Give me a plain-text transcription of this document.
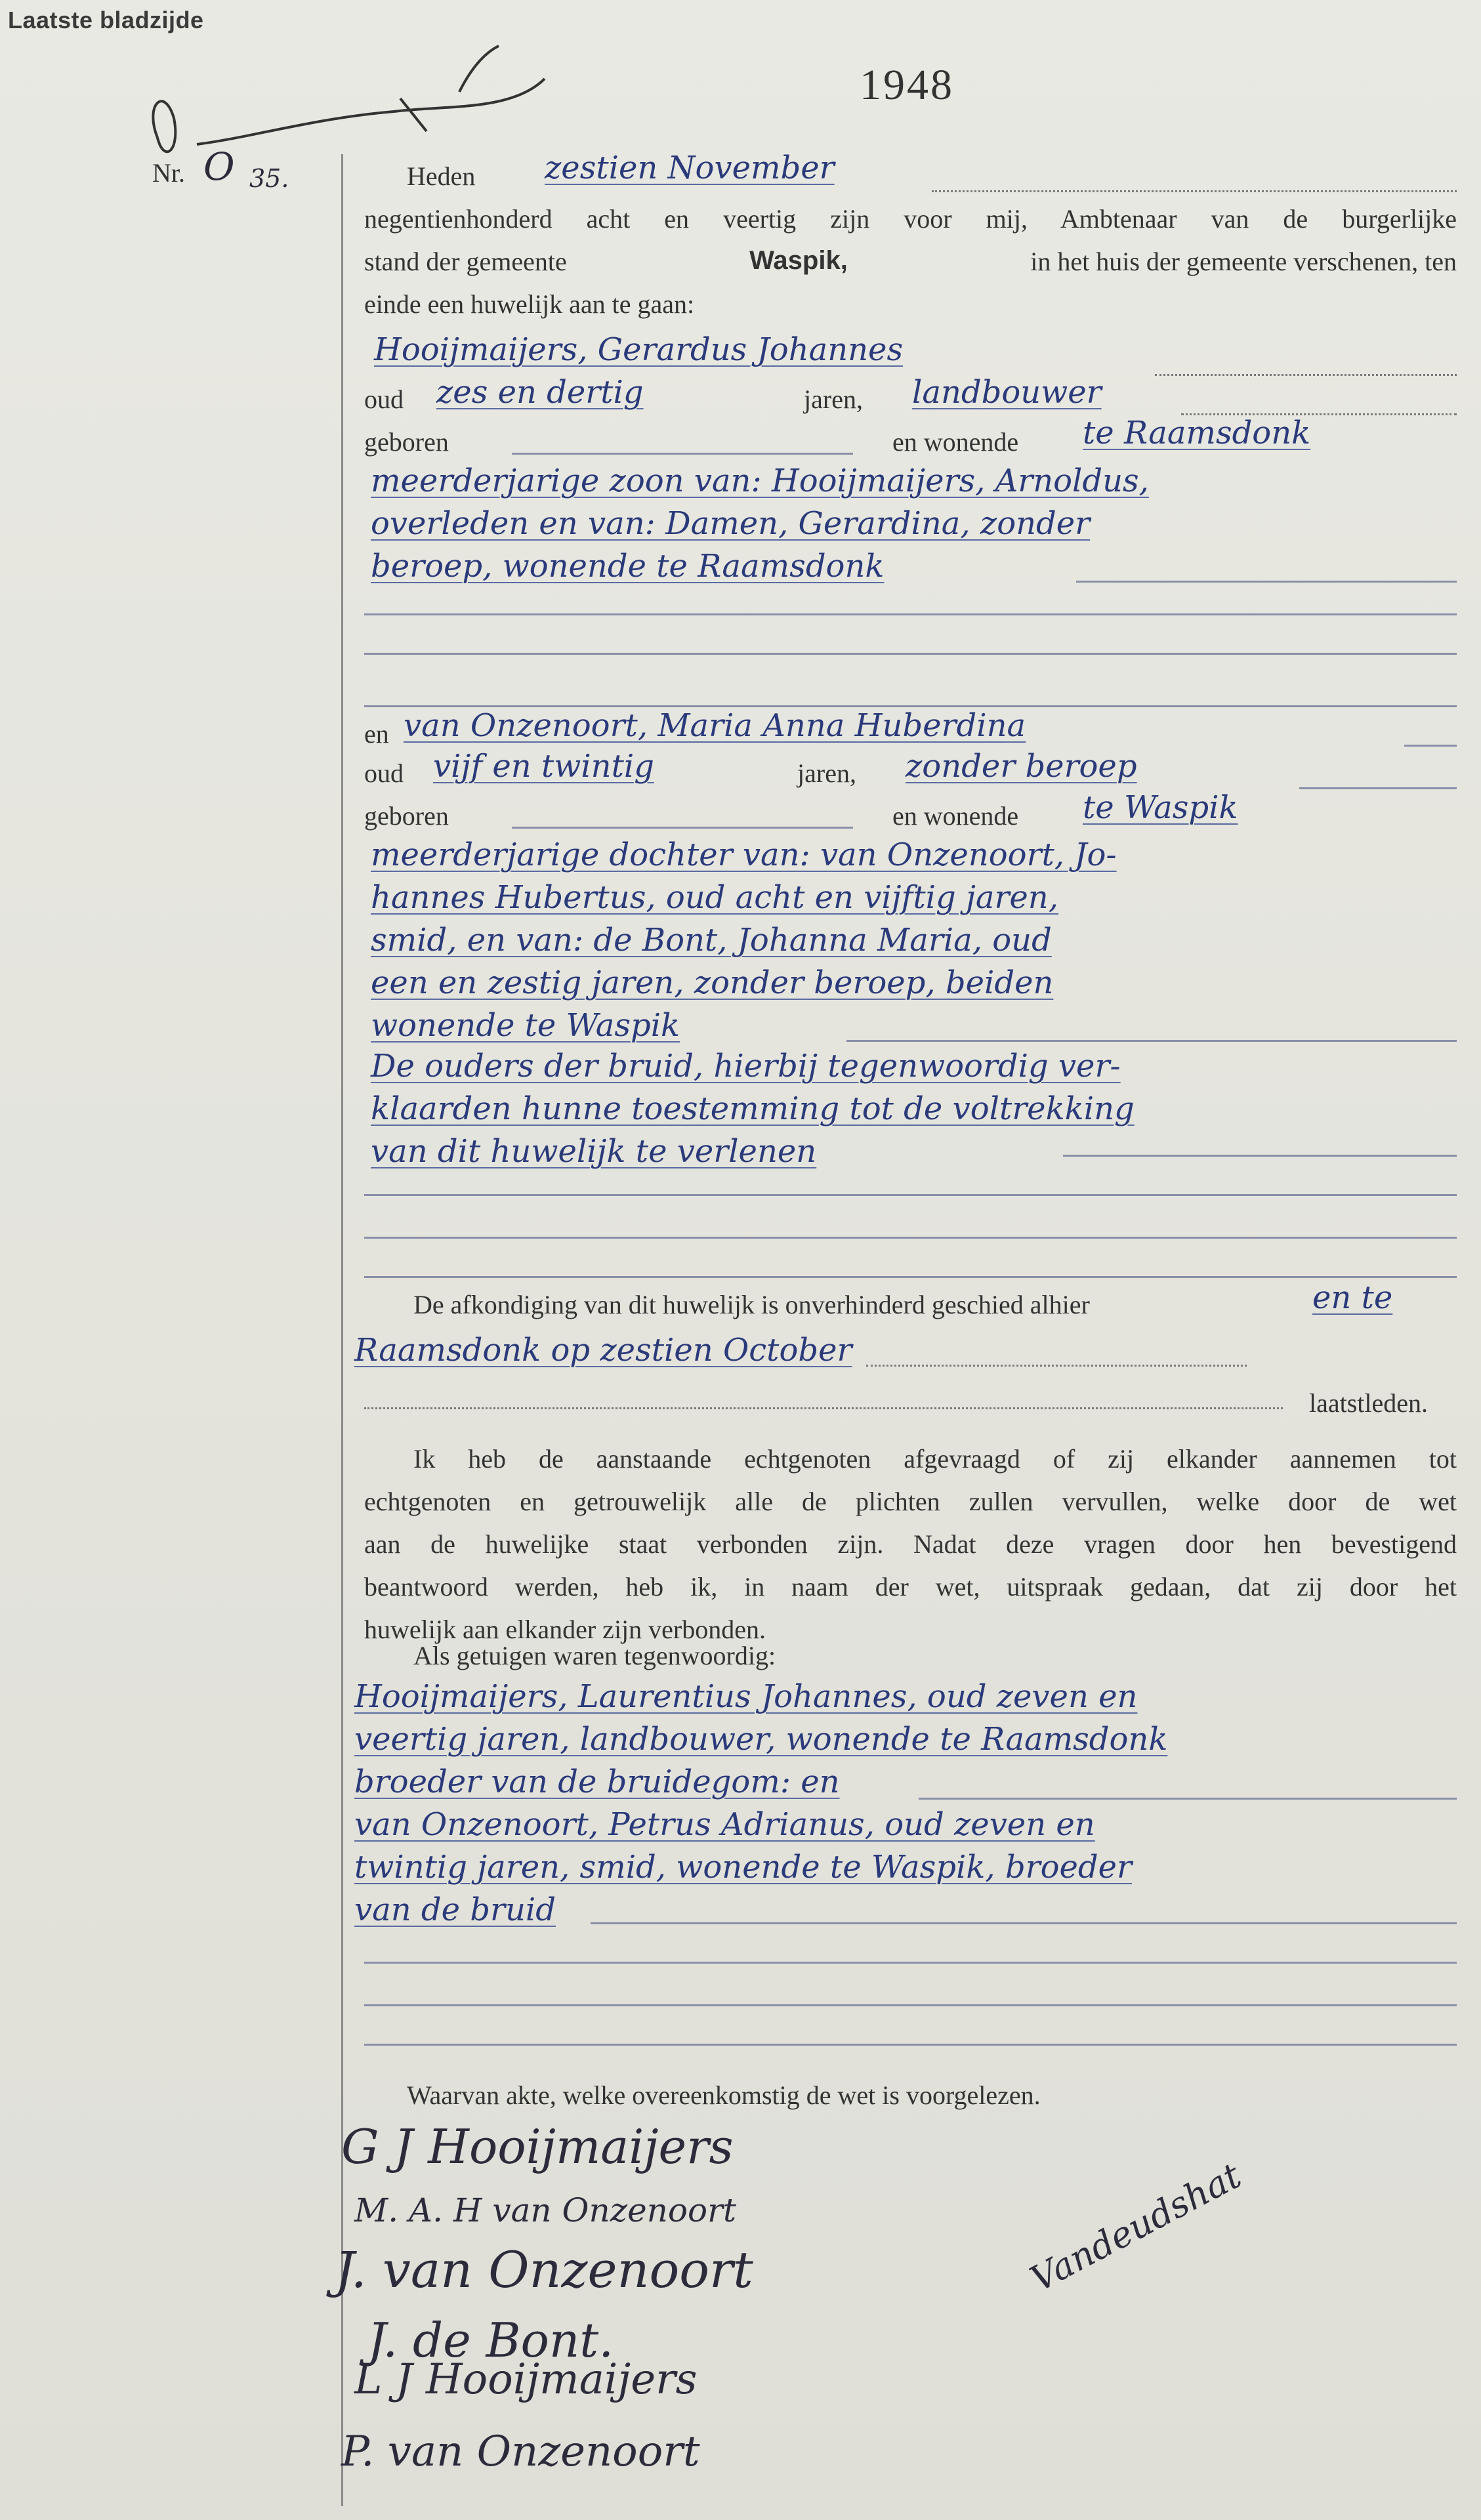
Laatste bladzijde
1948
Nr. O 35.	Heden zestien November
negentienhonderd acht en veertig zijn voor mij, Ambtenaar van de burgerlijke
stand der gemeente	Waspik,	in het huis der gemeente verschenen, ten
einde een huwelijk aan te gaan:
Hooijmaijers, Gerardus Johannes
oud zes en dertig	jaren, landbouwer
geboren	en wonende te Raamsdonk
meerderjarige zoon van: Hooijmaijers, Arnoldus,
overleden en van: Damen, Gerardina, zonder
beroep, wonende te Raamsdonk
en van Onzenoort, Maria Anna Huberdina
oud vijf en twintig	jaren, zonder beroep
geboren	en wonende te Waspik
meerderjarige dochter van: van Onzenoort, Jo-
hannes Hubertus, oud acht en vijftig jaren,
smid, en van: de Bont, Johanna Maria, oud
een en zestig jaren, zonder beroep, beiden
wonende te Waspik
De ouders der bruid, hierbij tegenwoordig ver-
klaarden hunne toestemming tot de voltrekking
van dit huwelijk te verlenen
De afkondiging van dit huwelijk is onverhinderd geschied alhier	en te
Raamsdonk op zestien October
laatstleden.
Ik heb de aanstaande echtgenoten afgevraagd of zij elkander aannemen tot
echtgenoten en getrouwelijk alle de plichten zullen vervullen, welke door de wet
aan de huwelijke staat verbonden zijn. Nadat deze vragen door hen bevestigend
beantwoord werden, heb ik, in naam der wet, uitspraak gedaan, dat zij door het
huwelijk aan elkander zijn verbonden.
Als getuigen waren tegenwoordig:
Hooijmaijers, Laurentius Johannes, oud zeven en
veertig jaren, landbouwer, wonende te Raamsdonk
broeder van de bruidegom: en
van Onzenoort, Petrus Adrianus, oud zeven en
twintig jaren, smid, wonende te Waspik, broeder
van de bruid
Waarvan akte, welke overeenkomstig de wet is voorgelezen.
G J Hooijmaijers
M. A. H van Onzenoort
J. van Onzenoort
J. de Bont.
L J Hooijmaijers
P. van Onzenoort
Vandeudshat
